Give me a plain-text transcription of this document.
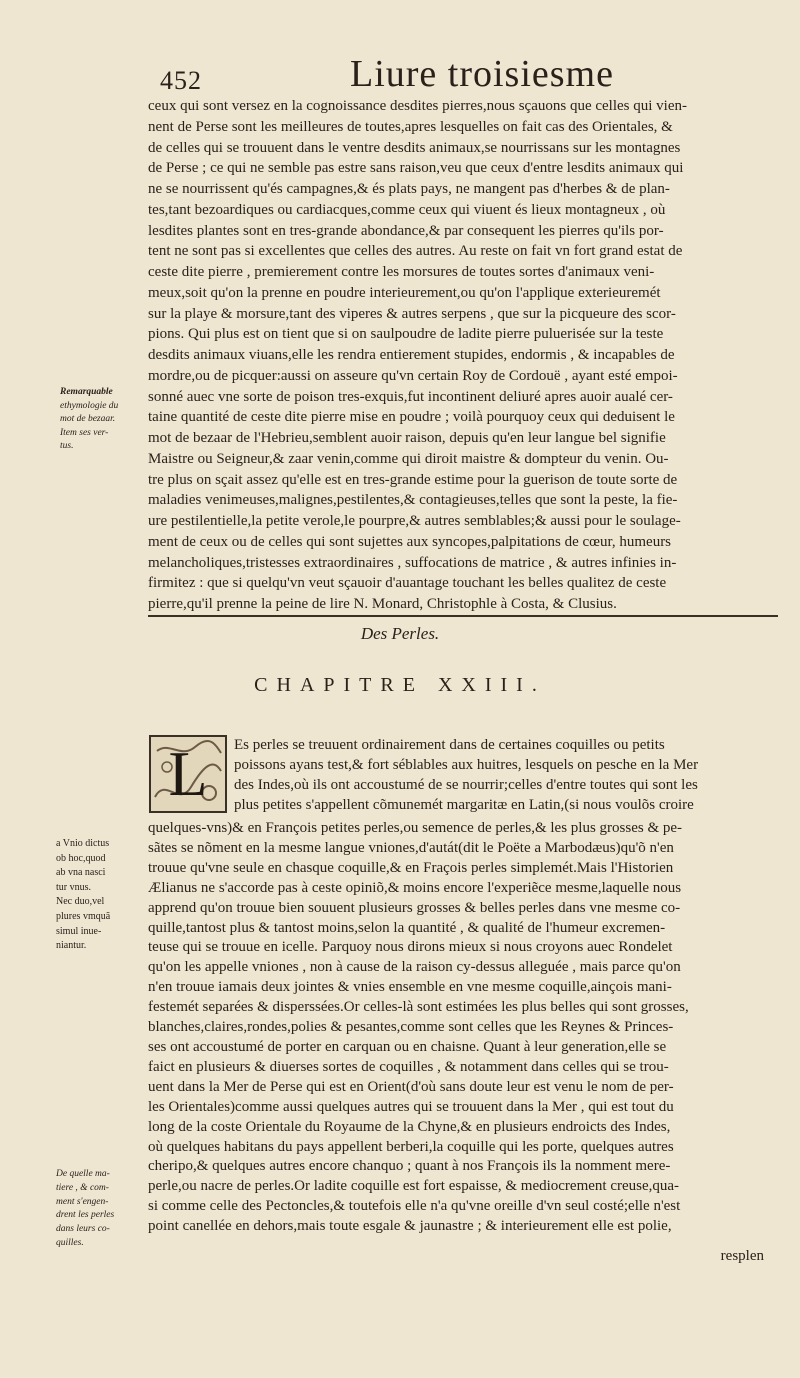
452	Liure troisiesme
ceux qui sont versez en la cognoissance desdites pierres,nous sçauons que celles qui vien-
nent de Perse sont les meilleures de toutes,apres lesquelles on fait cas des Orientales, &
de celles qui se trouuent dans le ventre desdits animaux,se nourrissans sur les montagnes
de Perse ; ce qui ne semble pas estre sans raison,veu que ceux d'entre lesdits animaux qui
ne se nourrissent qu'és campagnes,& és plats pays, ne mangent pas d'herbes & de plan-
tes,tant bezoardiques ou cardiacques,comme ceux qui viuent és lieux montagneux , où
lesdites plantes sont en tres-grande abondance,& par consequent les pierres qu'ils por-
tent ne sont pas si excellentes que celles des autres. Au reste on fait vn fort grand estat de
ceste dite pierre , premierement contre les morsures de toutes sortes d'animaux veni-
meux,soit qu'on la prenne en poudre interieurement,ou qu'on l'applique exterieuremét
sur la playe & morsure,tant des viperes & autres serpens , que sur la picqueure des scor-
pions. Qui plus est on tient que si on saulpoudre de ladite pierre puluerisée sur la teste
desdits animaux viuans,elle les rendra entierement stupides, endormis , & incapables de
mordre,ou de picquer:aussi on asseure qu'vn certain Roy de Cordouë , ayant esté empoi-
sonné auec vne sorte de poison tres-exquis,fut incontinent deliuré apres auoir aualé cer-
taine quantité de ceste dite pierre mise en poudre ; voilà pourquoy ceux qui deduisent le
mot de bezaar de l'Hebrieu,semblent auoir raison, depuis qu'en leur langue bel signifie
Maistre ou Seigneur,& zaar venin,comme qui diroit maistre & dompteur du venin. Ou-
tre plus on sçait assez qu'elle est en tres-grande estime pour la guerison de toute sorte de
maladies venimeuses,malignes,pestilentes,& contagieuses,telles que sont la peste, la fie-
ure pestilentielle,la petite verole,le pourpre,& autres semblables;& aussi pour le soulage-
ment de ceux ou de celles qui sont sujettes aux syncopes,palpitations de cœur, humeurs
melancholiques,tristesses extraordinaires , suffocations de matrice , & autres infinies in-
firmitez : que si quelqu'vn veut sçauoir d'auantage touchant les belles qualitez de ceste
pierre,qu'il prenne la peine de lire N. Monard, Christophle à Costa, & Clusius.
Remarquable
ethymologie du
mot de bezaar.
Item ses ver-
tus.
Des Perles.
CHAPITRE XXIII.
L	Es perles se treuuent ordinairement dans de certaines coquilles ou petits
poissons ayans test,& fort séblables aux huitres, lesquels on pesche en la Mer
des Indes,où ils ont accoustumé de se nourrir;celles d'entre toutes qui sont les
plus petites s'appellent cõmunemét margaritæ en Latin,(si nous voulõs croire
quelques-vns)& en François petites perles,ou semence de perles,& les plus grosses & pe-
sãtes se nõment en la mesme langue vniones,d'autát(dit le Poëte a Marbodæus)qu'õ n'en
trouue qu'vne seule en chasque coquille,& en Fraçois perles simplemét.Mais l'Historien
Ælianus ne s'accorde pas à ceste opiniõ,& moins encore l'experiẽce mesme,laquelle nous
apprend qu'on trouue bien souuent plusieurs grosses & belles perles dans vne mesme co-
quille,tantost plus & tantost moins,selon la quantité , & qualité de l'humeur excremen-
teuse qui se trouue en icelle. Parquoy nous dirons mieux si nous croyons auec Rondelet
qu'on les appelle vniones , non à cause de la raison cy-dessus alleguée , mais parce qu'on
n'en trouue iamais deux jointes & vnies ensemble en vne mesme coquille,ainçois mani-
festemét separées & disperssées.Or celles-là sont estimées les plus belles qui sont grosses,
blanches,claires,rondes,polies & pesantes,comme sont celles que les Reynes & Princes-
ses ont accoustumé de porter en carquan ou en chaisne. Quant à leur generation,elle se
faict en plusieurs & diuerses sortes de coquilles , & notamment dans celles qui se trou-
uent dans la Mer de Perse qui est en Orient(d'où sans doute leur est venu le nom de per-
les Orientales)comme aussi quelques autres qui se trouuent dans la Mer , qui est tout du
long de la coste Orientale du Royaume de la Chyne,& en plusieurs endroicts des Indes,
où quelques habitans du pays appellent berberi,la coquille qui les porte, quelques autres
cheripo,& quelques autres encore chanquo ; quant à nos François ils la nomment mere-
perle,ou nacre de perles.Or ladite coquille est fort espaisse, & mediocrement creuse,qua-
si comme celle des Pectoncles,& toutefois elle n'a qu'vne oreille d'vn seul costé;elle n'est
point canellée en dehors,mais toute esgale & jaunastre ; & interieurement elle est polie,
a Vnio dictus
ob hoc,quod
ab vna nasci
tur vnus.
Nec duo,vel
plures vmquã
simul inue-
niantur.
De quelle ma-
tiere , & com-
ment s'engen-
drent les perles
dans leurs co-
quilles.
resplen
